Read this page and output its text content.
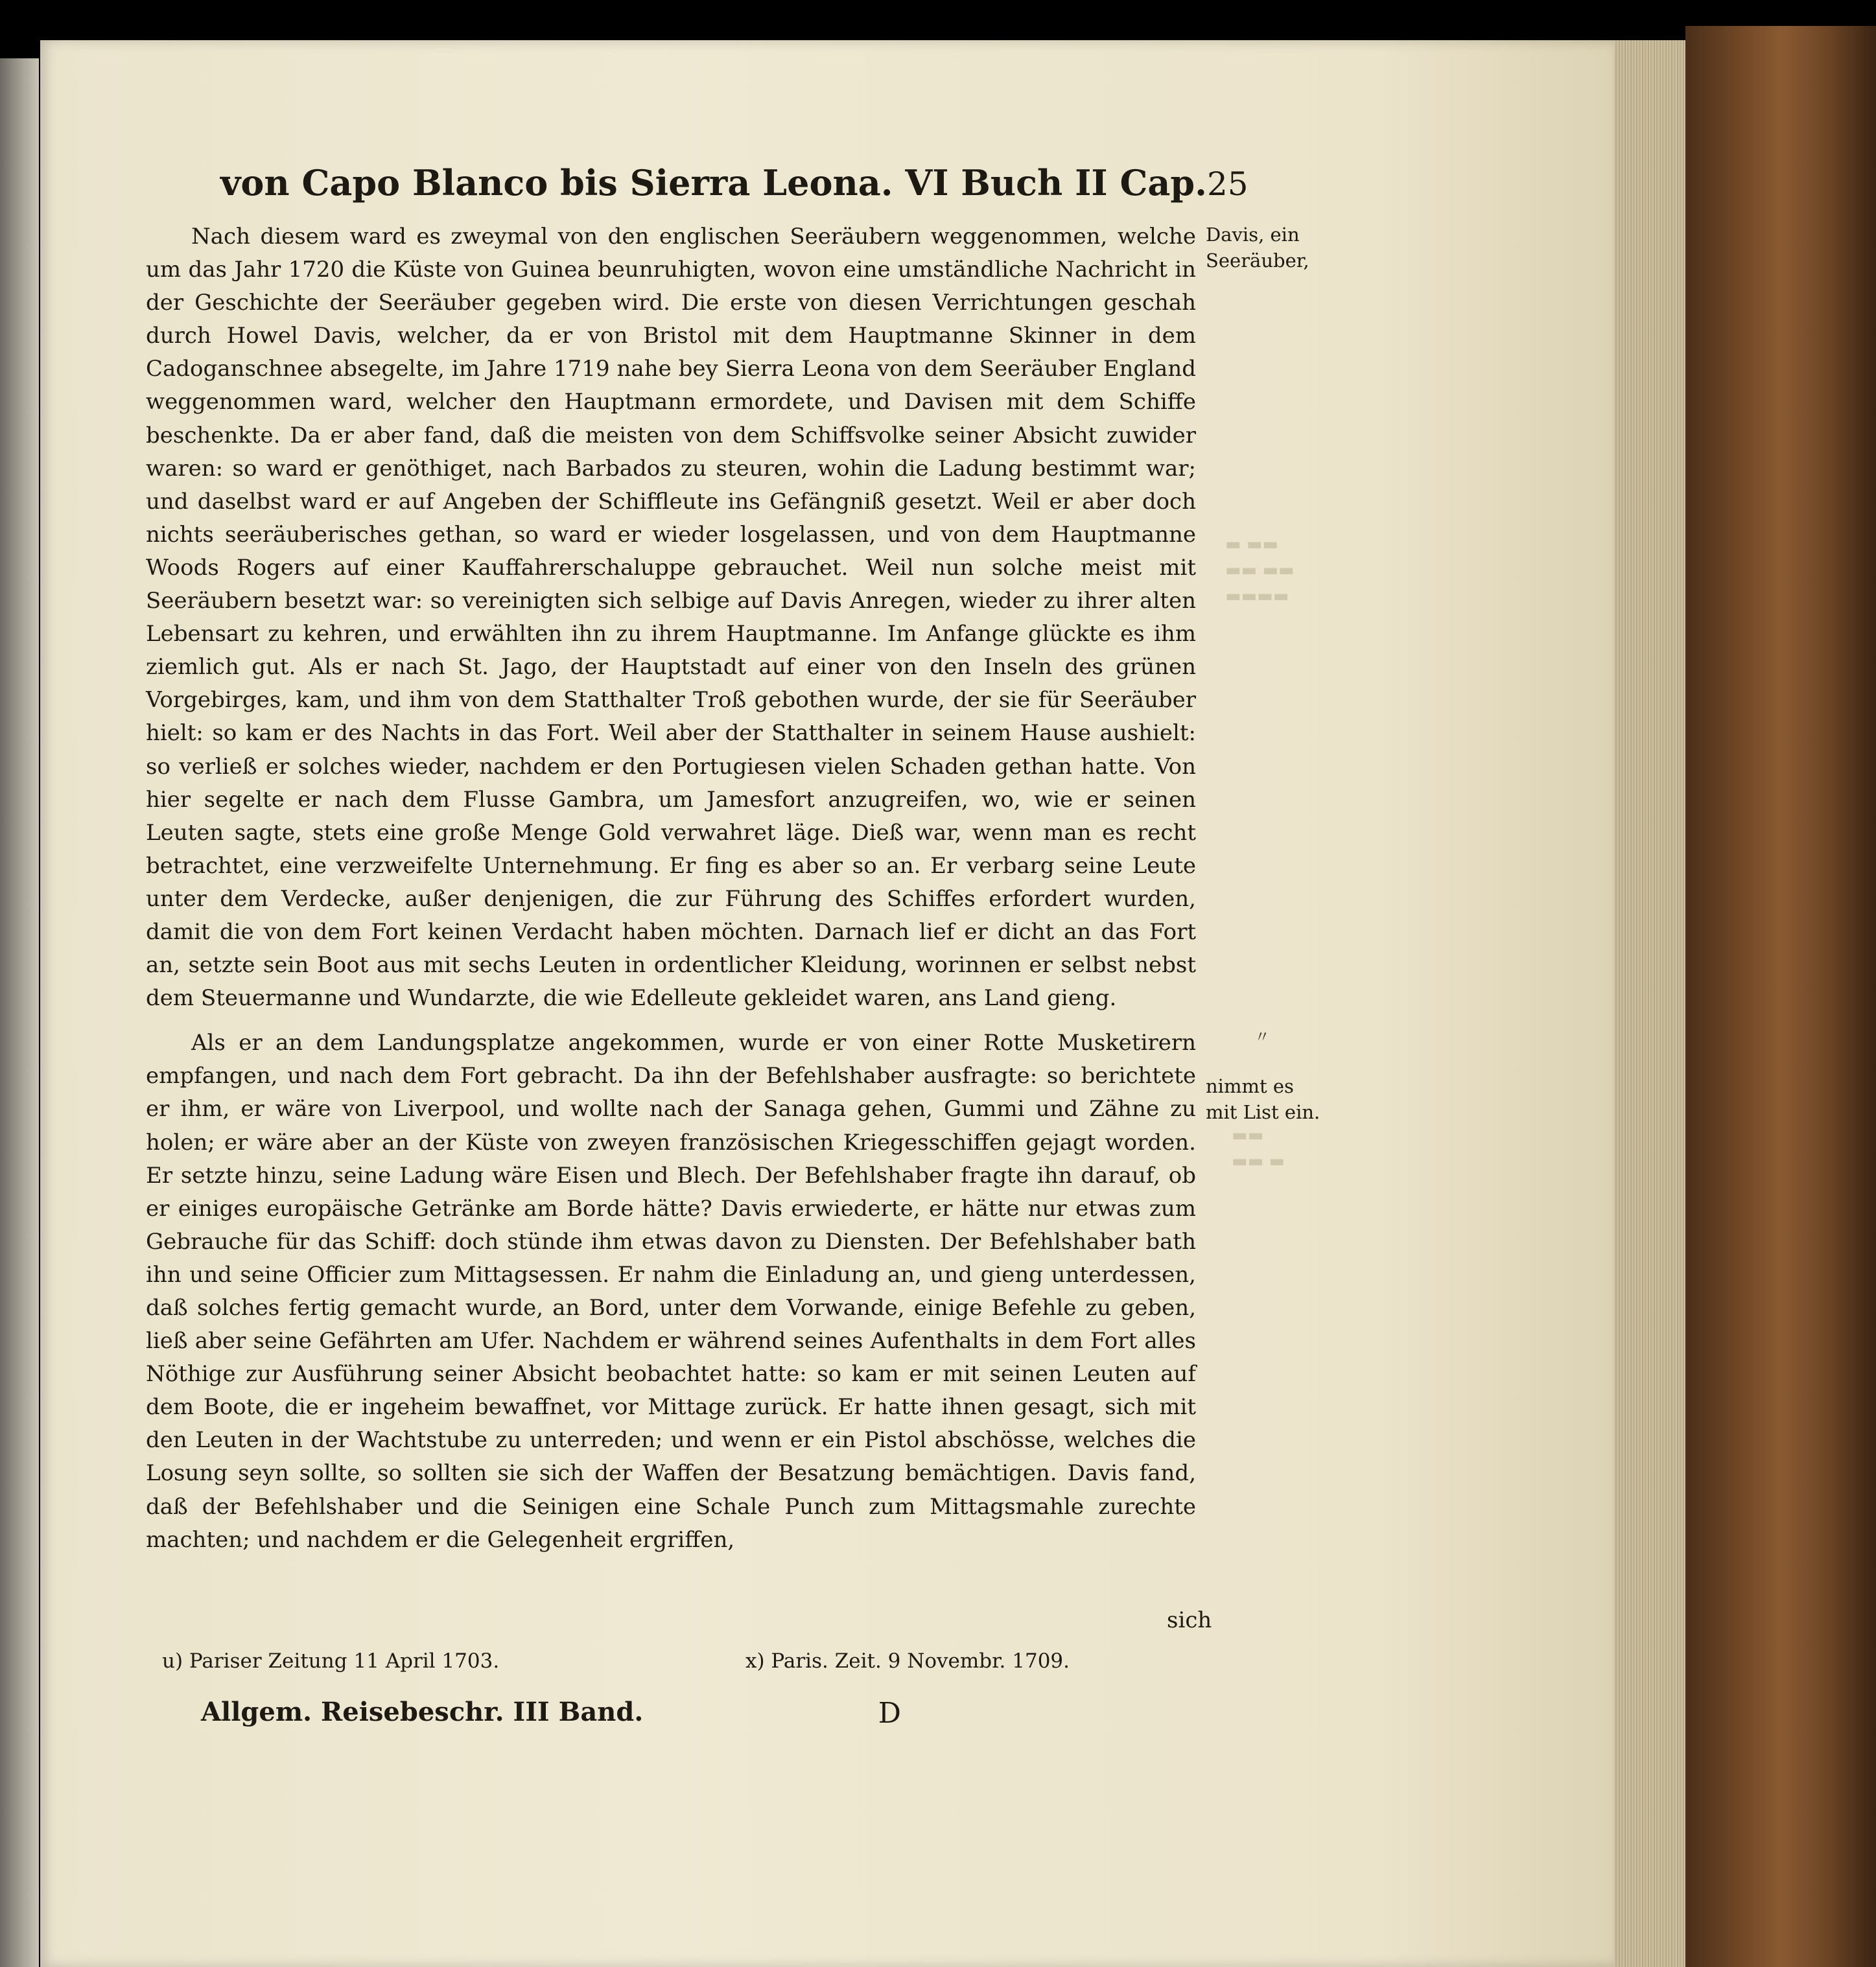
von Capo Blanco bis Sierra Leona. VI Buch II Cap. 25

Nach diesem ward es zweymal von den englischen Seeräubern weggenommen, welche um das Jahr 1720 die Küste von Guinea beunruhigten, wovon eine umständliche Nachricht in der Geschichte der Seeräuber gegeben wird. Die erste von diesen Verrichtungen geschah durch Howel Davis, welcher, da er von Bristol mit dem Hauptmanne Skinner in dem Cadoganschnee absegelte, im Jahre 1719 nahe bey Sierra Leona von dem Seeräuber England weggenommen ward, welcher den Hauptmann ermordete, und Davisen mit dem Schiffe beschenkte. Da er aber fand, daß die meisten von dem Schiffsvolke seiner Absicht zuwider waren: so ward er genöthiget, nach Barbados zu steuren, wohin die Ladung bestimmt war; und daselbst ward er auf Angeben der Schiffleute ins Gefängniß gesetzt. Weil er aber doch nichts seeräuberisches gethan, so ward er wieder losgelassen, und von dem Hauptmanne Woods Rogers auf einer Kauffahrerschaluppe gebrauchet. Weil nun solche meist mit Seeräubern besetzt war: so vereinigten sich selbige auf Davis Anregen, wieder zu ihrer alten Lebensart zu kehren, und erwählten ihn zu ihrem Hauptmanne. Im Anfange glückte es ihm ziemlich gut. Als er nach St. Jago, der Hauptstadt auf einer von den Inseln des grünen Vorgebirges, kam, und ihm von dem Statthalter Troß gebothen wurde, der sie für Seeräuber hielt: so kam er des Nachts in das Fort. Weil aber der Statthalter in seinem Hause aushielt: so verließ er solches wieder, nachdem er den Portugiesen vielen Schaden gethan hatte. Von hier segelte er nach dem Flusse Gambra, um Jamesfort anzugreifen, wo, wie er seinen Leuten sagte, stets eine große Menge Gold verwahret läge. Dieß war, wenn man es recht betrachtet, eine verzweifelte Unternehmung. Er fing es aber so an. Er verbarg seine Leute unter dem Verdecke, außer denjenigen, die zur Führung des Schiffes erfordert wurden, damit die von dem Fort keinen Verdacht haben möchten. Darnach lief er dicht an das Fort an, setzte sein Boot aus mit sechs Leuten in ordentlicher Kleidung, worinnen er selbst nebst dem Steuermanne und Wundarzte, die wie Edelleute gekleidet waren, ans Land gieng.

Als er an dem Landungsplatze angekommen, wurde er von einer Rotte Musketirern empfangen, und nach dem Fort gebracht. Da ihn der Befehlshaber ausfragte: so berichtete er ihm, er wäre von Liverpool, und wollte nach der Sanaga gehen, Gummi und Zähne zu holen; er wäre aber an der Küste von zweyen französischen Kriegesschiffen gejagt worden. Er setzte hinzu, seine Ladung wäre Eisen und Blech. Der Befehlshaber fragte ihn darauf, ob er einiges europäische Getränke am Borde hätte? Davis erwiederte, er hätte nur etwas zum Gebrauche für das Schiff: doch stünde ihm etwas davon zu Diensten. Der Befehlshaber bath ihn und seine Officier zum Mittagsessen. Er nahm die Einladung an, und gieng unterdessen, daß solches fertig gemacht wurde, an Bord, unter dem Vorwande, einige Befehle zu geben, ließ aber seine Gefährten am Ufer. Nachdem er während seines Aufenthalts in dem Fort alles Nöthige zur Ausführung seiner Absicht beobachtet hatte: so kam er mit seinen Leuten auf dem Boote, die er ingeheim bewaffnet, vor Mittage zurück. Er hatte ihnen gesagt, sich mit den Leuten in der Wachtstube zu unterreden; und wenn er ein Pistol abschösse, welches die Losung seyn sollte, so sollten sie sich der Waffen der Besatzung bemächtigen. Davis fand, daß der Befehlshaber und die Seinigen eine Schale Punch zum Mittagsmahle zurechte machten; und nachdem er die Gelegenheit ergriffen,

sich
Davis, ein
Seeräuber,
nimmt es
mit List ein.
▬ ▬▬
▬▬ ▬▬
▬▬▬▬
▬▬
▬▬ ▬
〃
u) Pariser Zeitung 11 April 1703.	x) Paris. Zeit. 9 Novembr. 1709.
Allgem. Reisebeschr. III Band.	D
